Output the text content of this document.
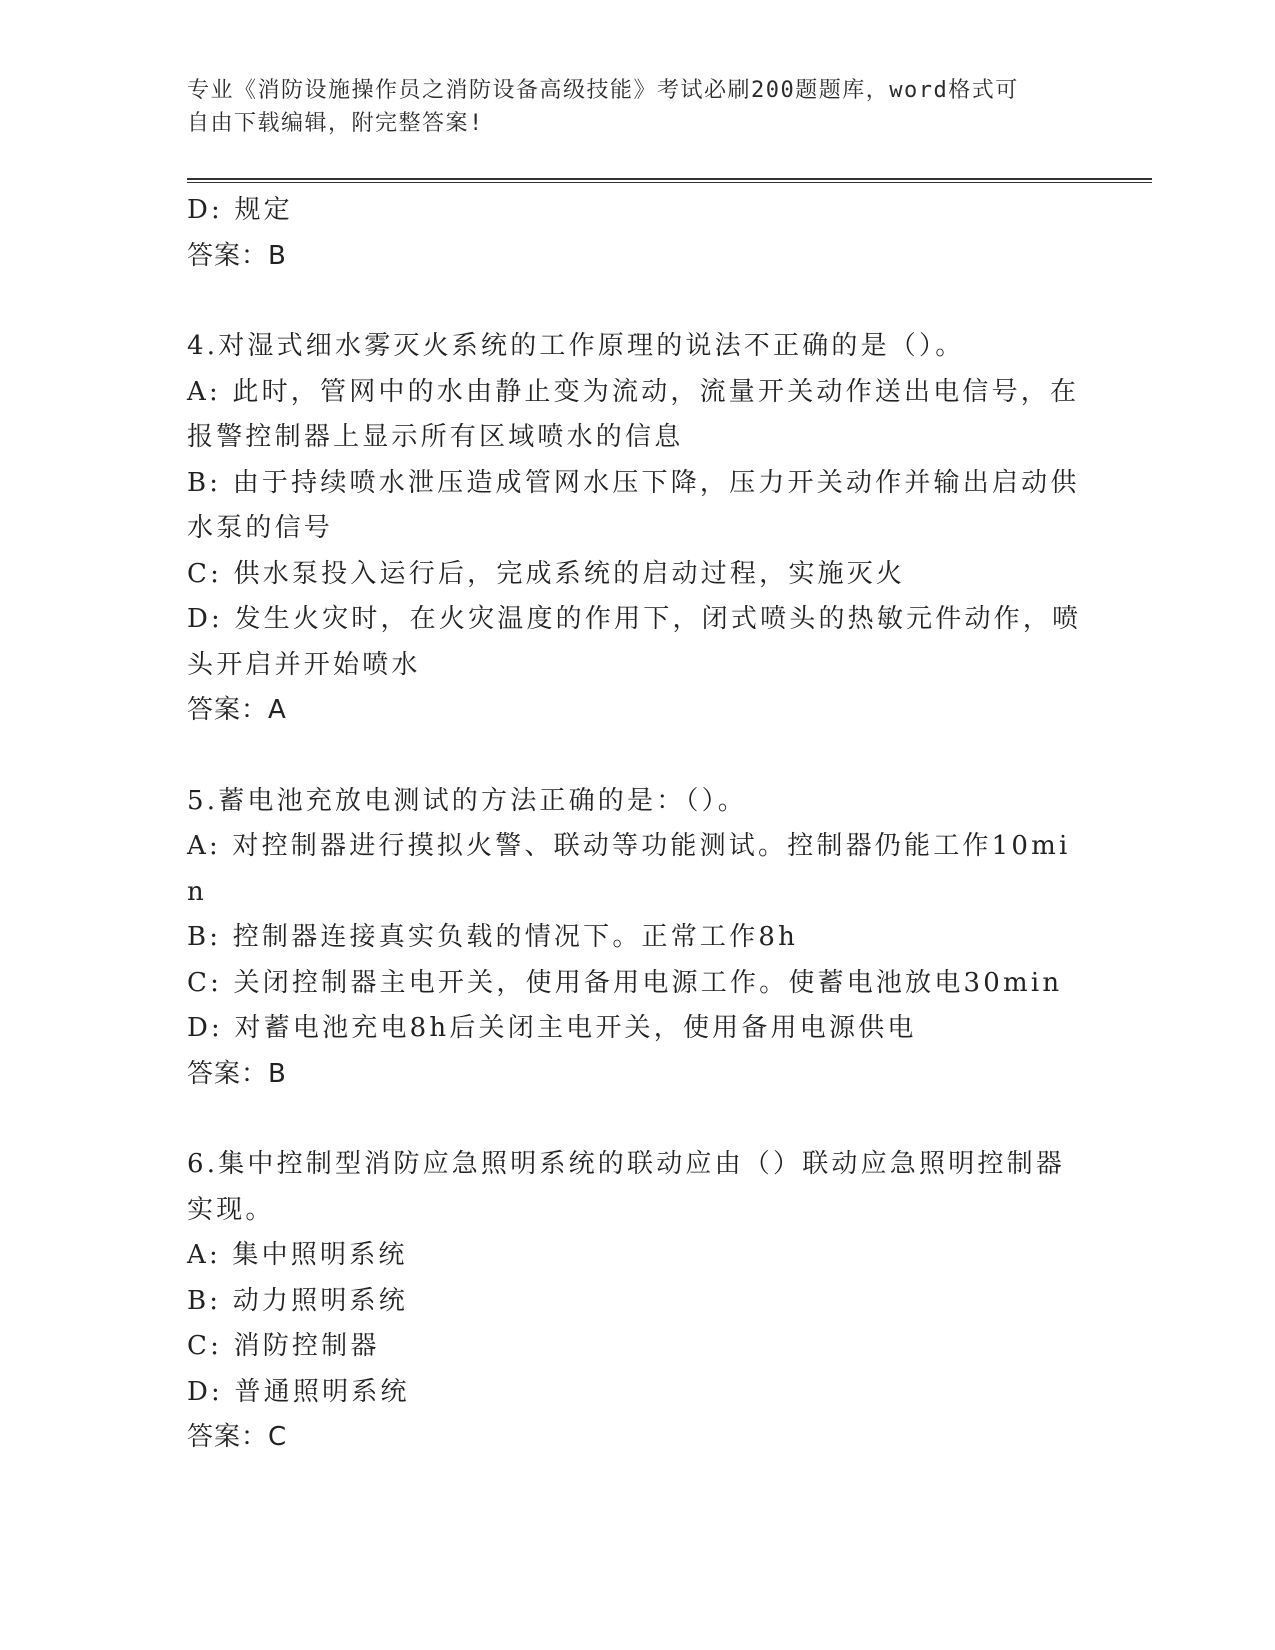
专业《消防设施操作员之消防设备高级技能》考试必刷200题题库，word格式可
自由下载编辑，附完整答案!

D: 规定

答案：B

4.对湿式细水雾灭火系统的工作原理的说法不正确的是（）。

A: 此时，管网中的水由静止变为流动，流量开关动作送出电信号，在报警控制器上显示所有区域喷水的信息

B: 由于持续喷水泄压造成管网水压下降，压力开关动作并输出启动供水泵的信号

C: 供水泵投入运行后，完成系统的启动过程，实施灭火

D: 发生火灾时，在火灾温度的作用下，闭式喷头的热敏元件动作，喷头开启并开始喷水

答案：A

5.蓄电池充放电测试的方法正确的是：（）。

A: 对控制器进行摸拟火警、联动等功能测试。控制器仍能工作10min

B: 控制器连接真实负载的情况下。正常工作8h

C: 关闭控制器主电开关，使用备用电源工作。使蓄电池放电30min

D: 对蓄电池充电8h后关闭主电开关，使用备用电源供电

答案：B

6.集中控制型消防应急照明系统的联动应由（）联动应急照明控制器实现。

A: 集中照明系统

B: 动力照明系统

C: 消防控制器

D: 普通照明系统

答案：C
